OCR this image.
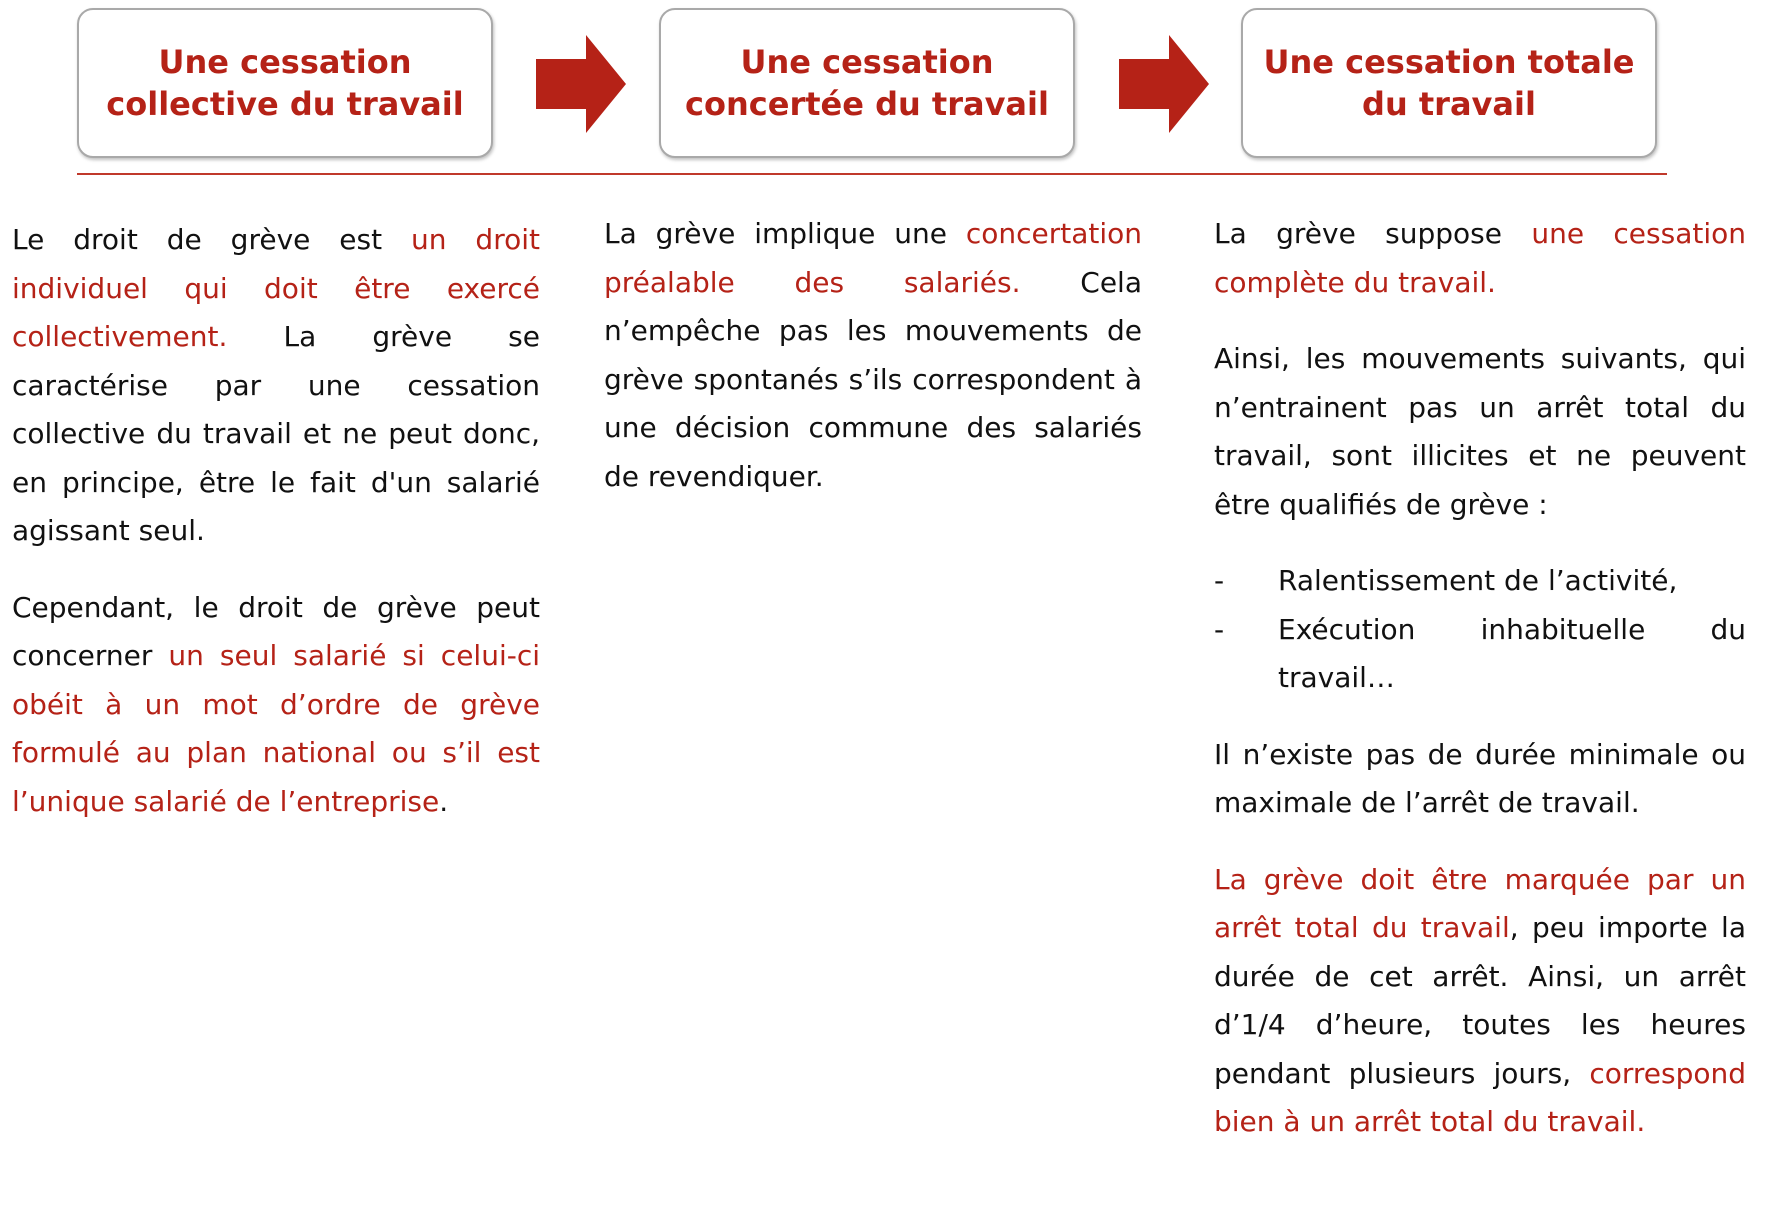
Une cessation
collective du travail
Une cessation
concertée du travail
Une cessation totale
du travail

Le droit de grève est un droit individuel qui doit être exercé collectivement. La grève se caractérise par une cessation collective du travail et ne peut donc, en principe, être le fait d'un salarié agissant seul.

Cependant, le droit de grève peut concerner un seul salarié si celui-ci obéit à un mot d’ordre de grève formulé au plan national ou s’il est l’unique salarié de l’entreprise.

La grève implique une concertation préalable des salariés. Cela n’empêche pas les mouvements de grève spontanés s’ils correspondent à une décision commune des salariés de revendiquer.

La grève suppose une cessation complète du travail.

Ainsi, les mouvements suivants, qui n’entrainent pas un arrêt total du travail, sont illicites et ne peuvent être qualifiés de grève :

- Ralentissement de l’activité,
- Exécution inhabituelle du travail…

Il n’existe pas de durée minimale ou maximale de l’arrêt de travail.

La grève doit être marquée par un arrêt total du travail, peu importe la durée de cet arrêt. Ainsi, un arrêt d’1/4 d’heure, toutes les heures pendant plusieurs jours, correspond bien à un arrêt total du travail.
